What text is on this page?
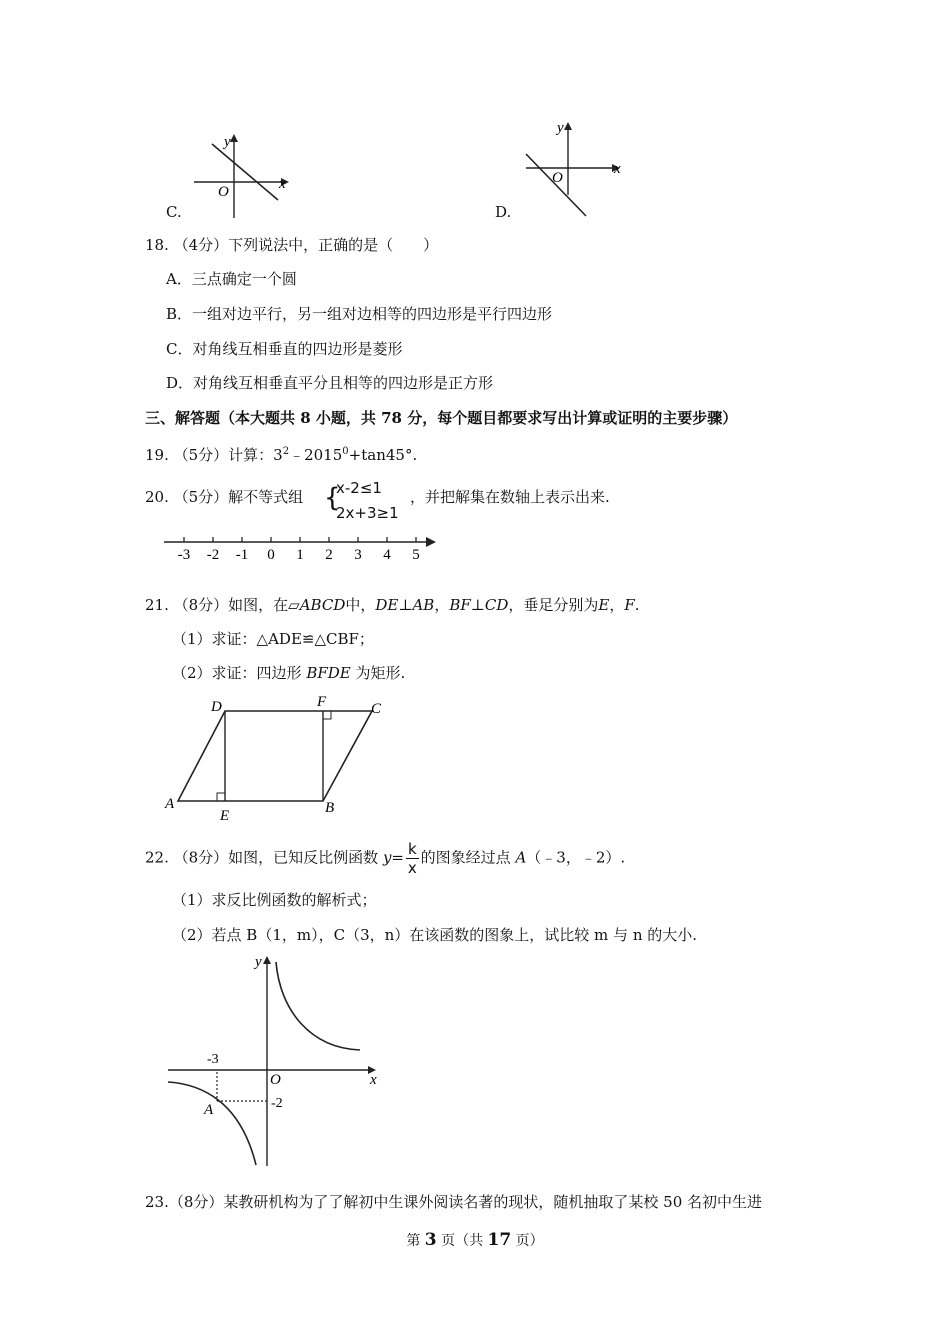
C.
x
y
O
D.
x
y
O
18. （4分）下列说法中，正确的是（　　）
A．三点确定一个圆
B．一组对边平行，另一组对边相等的四边形是平行四边形
C．对角线互相垂直的四边形是菱形
D．对角线互相垂直平分且相等的四边形是正方形
三、解答题（本大题共 8 小题，共 78 分，每个题目都要求写出计算或证明的主要步骤）
19. （5分）计算：$3^2﹣2015^0+\tan 45^\circ$.
20. （5分）解不等式组 {
x-2≤1
2x+3≥1
，并把解集在数轴上表示出来.
-3 -2 -1 0 1 2 3 4 5
21. （8分）如图，在▱ABCD中，DE⊥AB，BF⊥CD，垂足分别为E，F.
（1）求证：△ADE≌△CBF；
（2）求证：四边形 BFDE 为矩形.
A	B
C
D
E
F
22. （8分）如图，已知反比例函数 $y= \frac{k}{x}$ 的图象经过点 A（﹣3，﹣2）.
（1）求反比例函数的解析式；
（2）若点 B（1，m），C（3，n）在该函数的图象上，试比较 m 与 n 的大小.
x
y
O
-3
-2
A
23.（8分）某教研机构为了了解初中生课外阅读名著的现状，随机抽取了某校 50 名初中生进
第 3 页（共 17 页）
